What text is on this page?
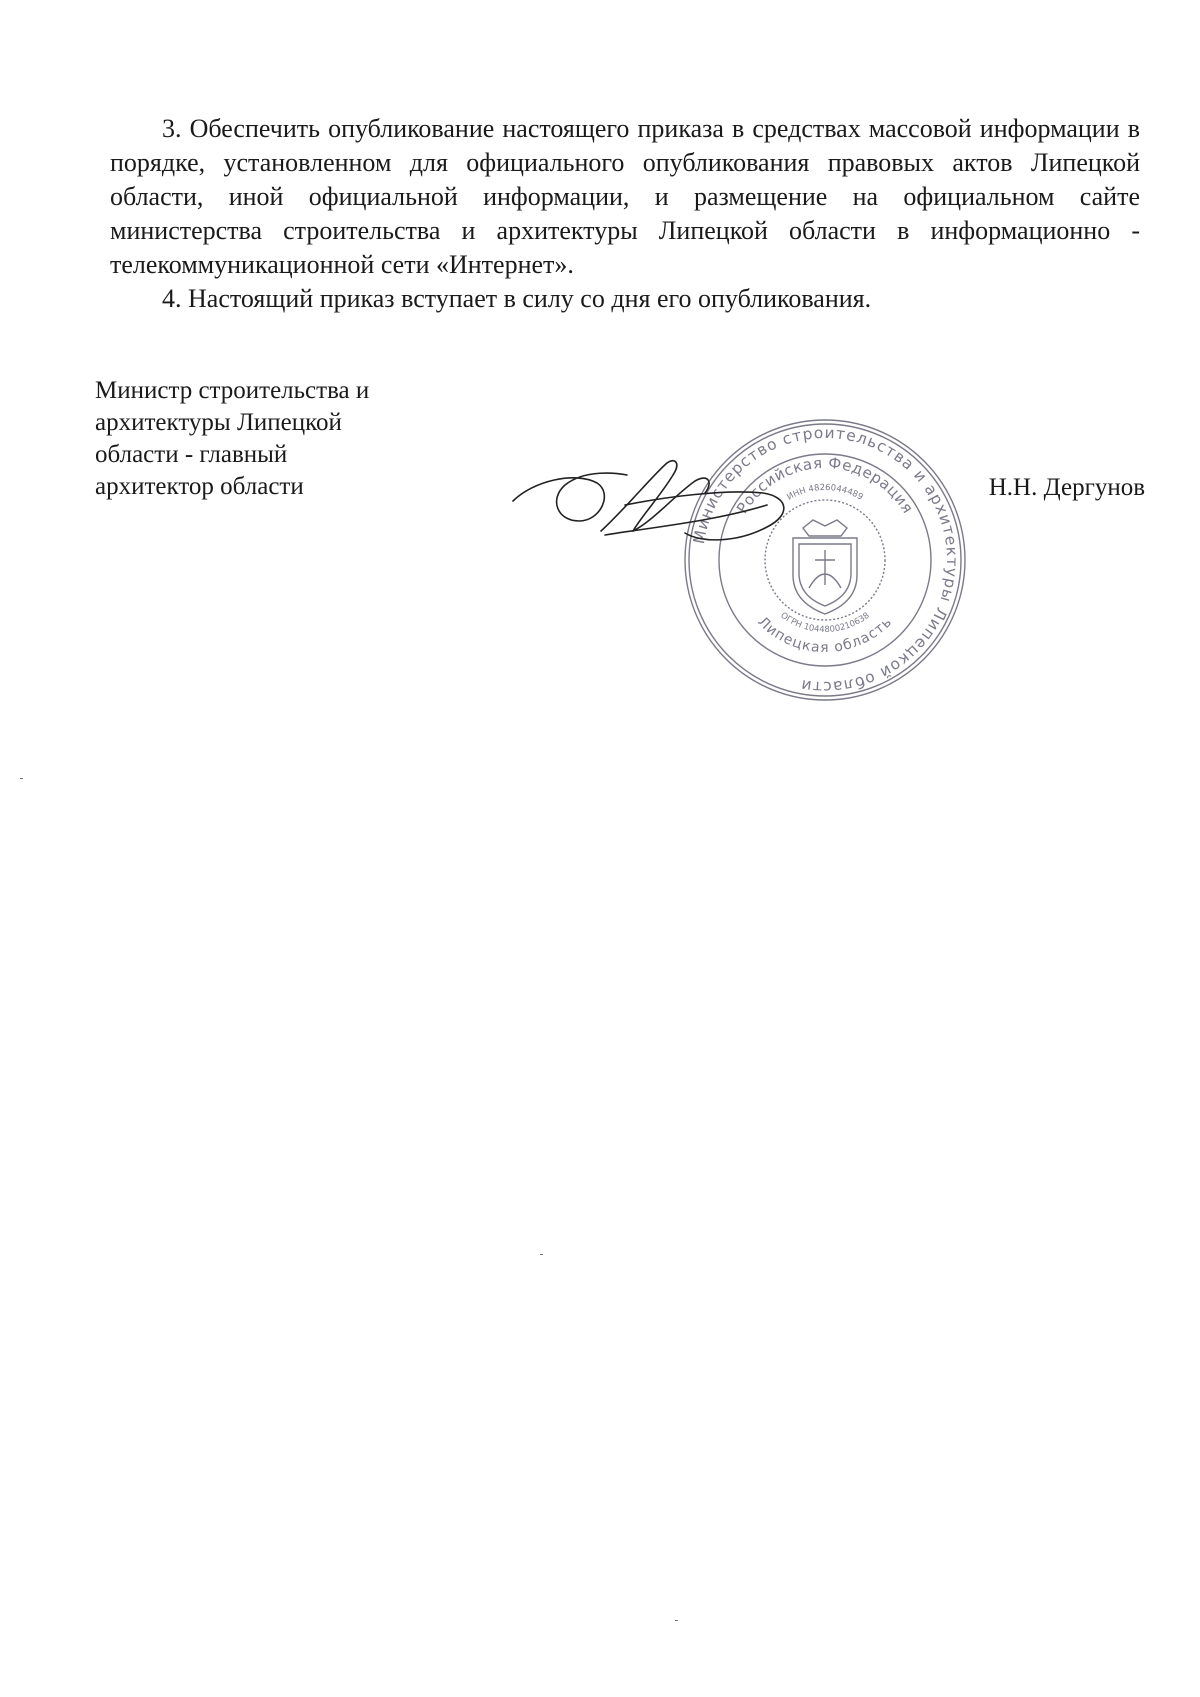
3. Обеспечить опубликование настоящего приказа в средствах массовой информации в порядке, установленном для официального опубликования правовых актов Липецкой области, иной официальной информации, и размещение на официальном сайте министерства строительства и архитектуры Липецкой области в информационно - телекоммуникационной сети «Интернет».

4. Настоящий приказ вступает в силу со дня его опубликования.

Министр строительства и
архитектуры Липецкой
области - главный
архитектор области
Министерство строительства и архитектуры Липецкой области
Российская Федерация
Липецкая область
ИНН 4826044489
ОГРН 1044800210638
Н.Н. Дергунов
